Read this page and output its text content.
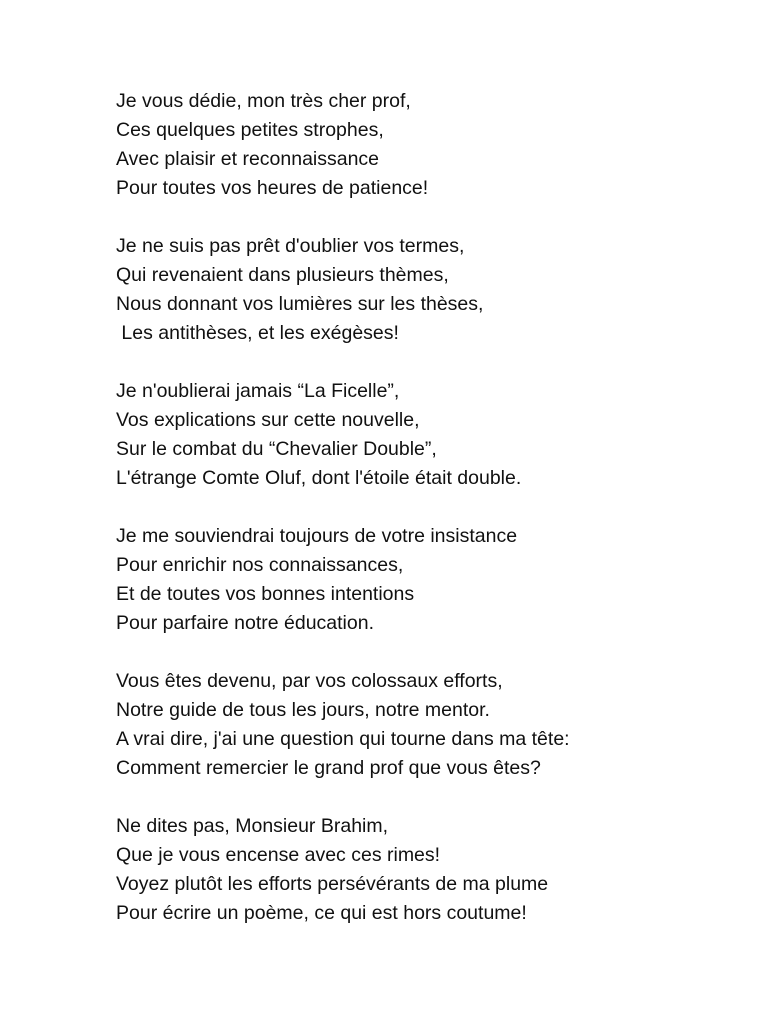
Je vous dédie, mon très cher prof,
Ces quelques petites strophes,
Avec plaisir et reconnaissance
Pour toutes vos heures de patience!
Je ne suis pas prêt d'oublier vos termes,
Qui revenaient dans plusieurs thèmes,
Nous donnant vos lumières sur les thèses,
Les antithèses, et les exégèses!
Je n'oublierai jamais “La Ficelle”,
Vos explications sur cette nouvelle,
Sur le combat du “Chevalier Double”,
L'étrange Comte Oluf, dont l'étoile était double.
Je me souviendrai toujours de votre insistance
Pour enrichir nos connaissances,
Et de toutes vos bonnes intentions
Pour parfaire notre éducation.
Vous êtes devenu, par vos colossaux efforts,
Notre guide de tous les jours, notre mentor.
A vrai dire, j'ai une question qui tourne dans ma tête:
Comment remercier le grand prof que vous êtes?
Ne dites pas, Monsieur Brahim,
Que je vous encense avec ces rimes!
Voyez plutôt les efforts persévérants de ma plume
Pour écrire un poème, ce qui est hors coutume!
